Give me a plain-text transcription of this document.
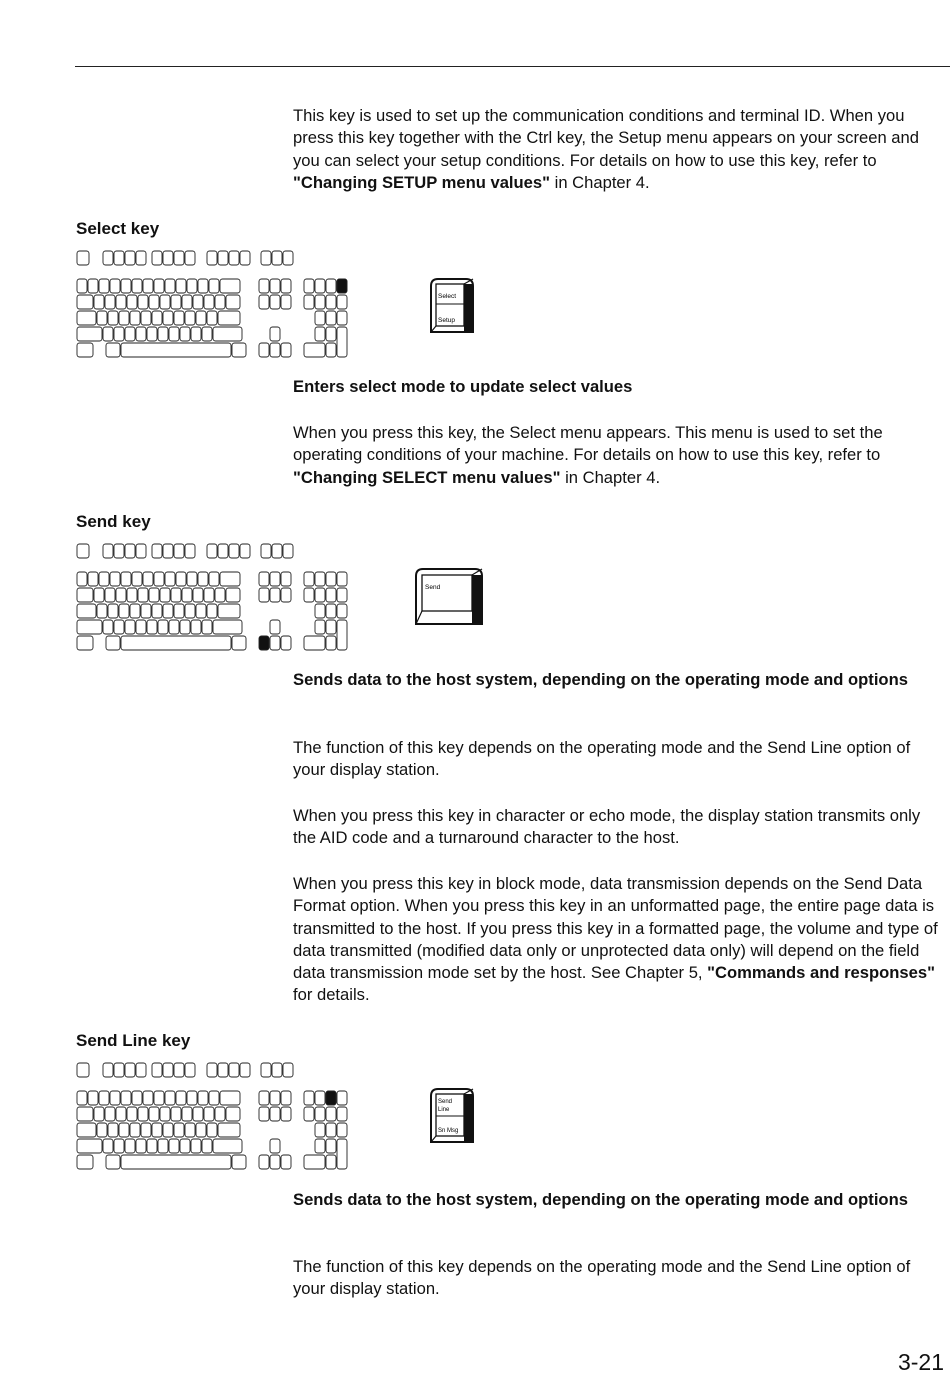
This key is used to set up the communication conditions and terminal ID. When you press this key together with the Ctrl key, the Setup menu appears on your screen and you can select your setup conditions. For details on how to use this key, refer to "Changing SETUP menu values" in Chapter 4.

Select key

Select
Setup

Enters select mode to update select values

When you press this key, the Select menu appears. This menu is used to set the operating conditions of your machine. For details on how to use this key, refer to "Changing SELECT menu values" in Chapter 4.

Send key

Send

Sends data to the host system, depending on the operating mode and options

The function of this key depends on the operating mode and the Send Line option of your display station.

When you press this key in character or echo mode, the display station transmits only the AID code and a turnaround character to the host.

When you press this key in block mode, data transmission depends on the Send Data Format option. When you press this key in an unformatted page, the entire page data is transmitted to the host. If you press this key in a formatted page, the volume and type of data transmitted (modified data only or unprotected data only) will depend on the field data transmission mode set by the host. See Chapter 5, "Commands and responses" for details.

Send Line key

Send
Line
Sn Msg

Sends data to the host system, depending on the operating mode and options

The function of this key depends on the operating mode and the Send Line option of your display station.

3-21
